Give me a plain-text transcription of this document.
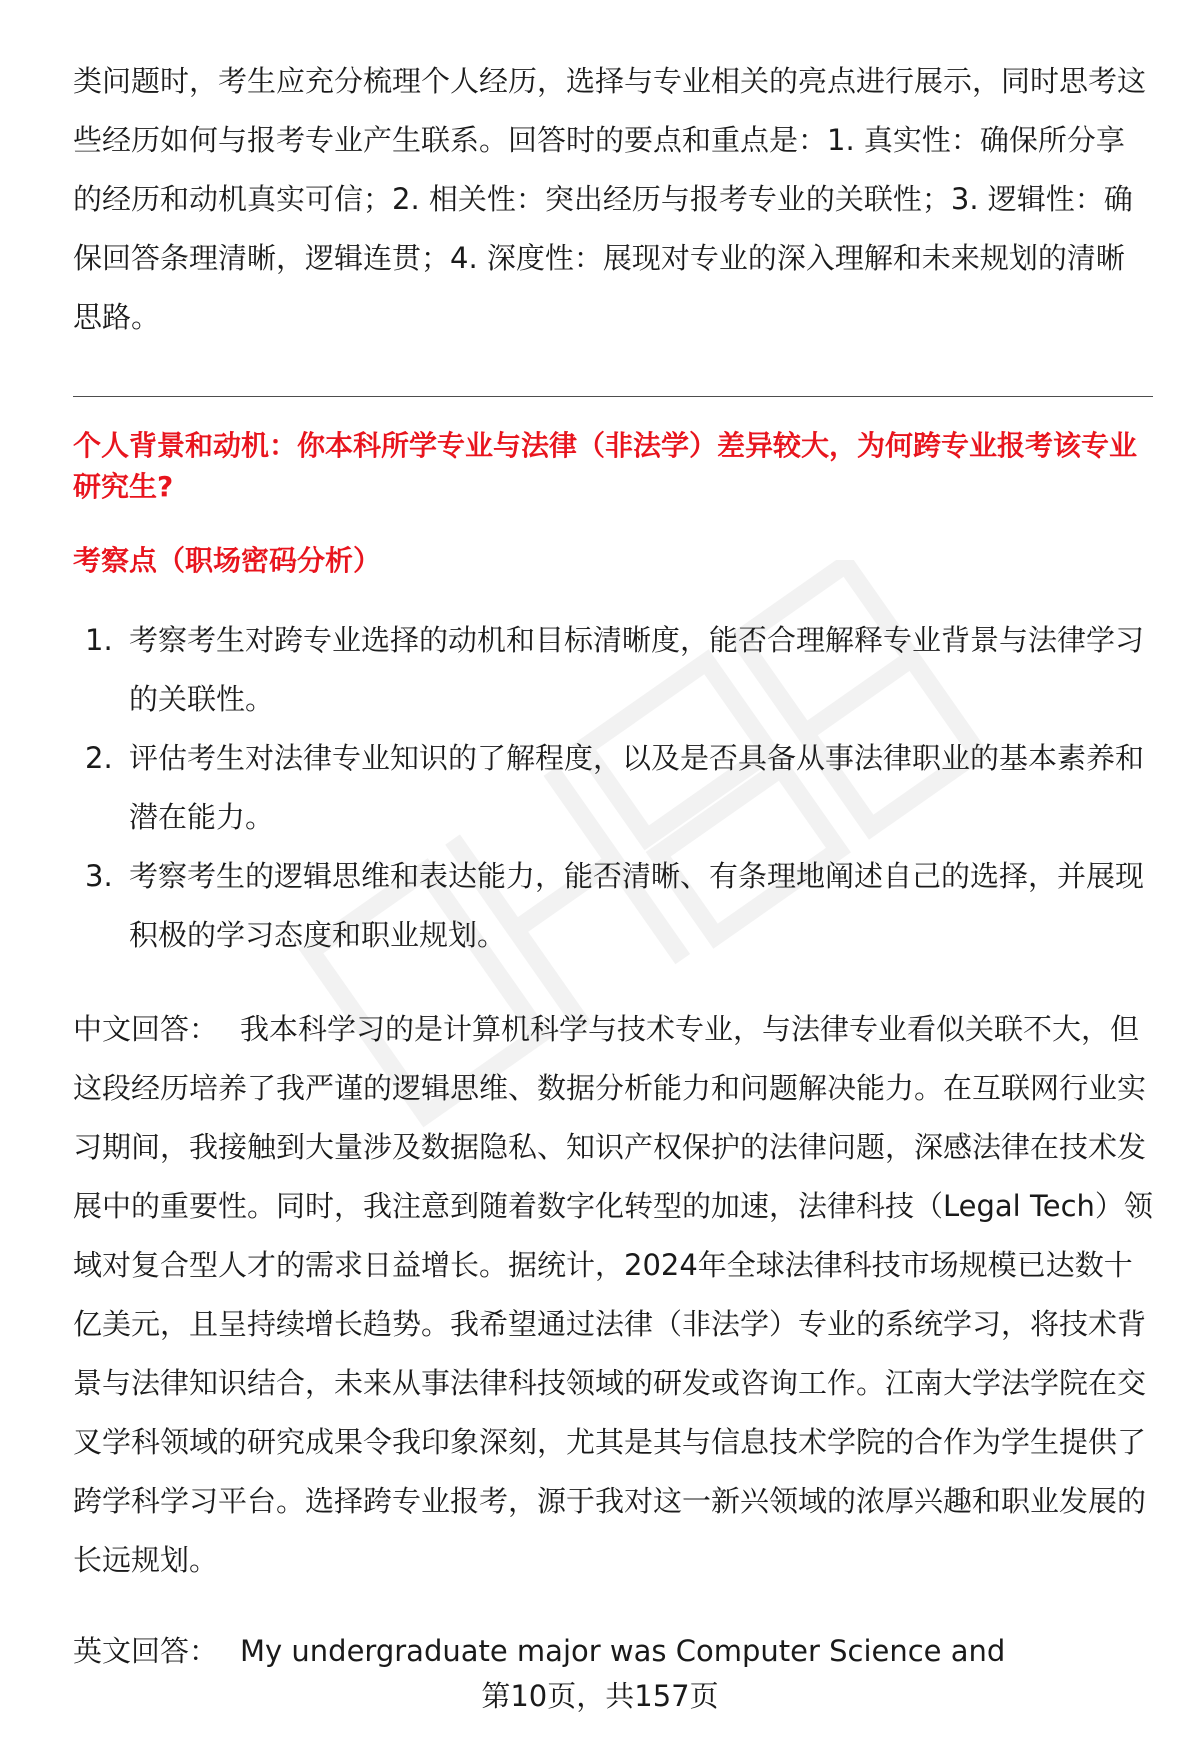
类问题时，考生应充分梳理个人经历，选择与专业相关的亮点进行展示，同时思考这些经历如何与报考专业产生联系。回答时的要点和重点是：1. 真实性：确保所分享的经历和动机真实可信；2. 相关性：突出经历与报考专业的关联性；3. 逻辑性：确保回答条理清晰，逻辑连贯；4. 深度性：展现对专业的深入理解和未来规划的清晰思路。

个人背景和动机：你本科所学专业与法律（非法学）差异较大，为何跨专业报考该专业研究生?

考察点（职场密码分析）

1. 考察考生对跨专业选择的动机和目标清晰度，能否合理解释专业背景与法律学习的关联性。
2. 评估考生对法律专业知识的了解程度，以及是否具备从事法律职业的基本素养和潜在能力。
3. 考察考生的逻辑思维和表达能力，能否清晰、有条理地阐述自己的选择，并展现积极的学习态度和职业规划。

中文回答： 我本科学习的是计算机科学与技术专业，与法律专业看似关联不大，但这段经历培养了我严谨的逻辑思维、数据分析能力和问题解决能力。在互联网行业实习期间，我接触到大量涉及数据隐私、知识产权保护的法律问题，深感法律在技术发展中的重要性。同时，我注意到随着数字化转型的加速，法律科技（Legal Tech）领域对复合型人才的需求日益增长。据统计，2024年全球法律科技市场规模已达数十亿美元，且呈持续增长趋势。我希望通过法律（非法学）专业的系统学习，将技术背景与法律知识结合，未来从事法律科技领域的研发或咨询工作。江南大学法学院在交叉学科领域的研究成果令我印象深刻，尤其是其与信息技术学院的合作为学生提供了跨学科学习平台。选择跨专业报考，源于我对这一新兴领域的浓厚兴趣和职业发展的长远规划。

英文回答： My undergraduate major was Computer Science and

第10页，共157页
